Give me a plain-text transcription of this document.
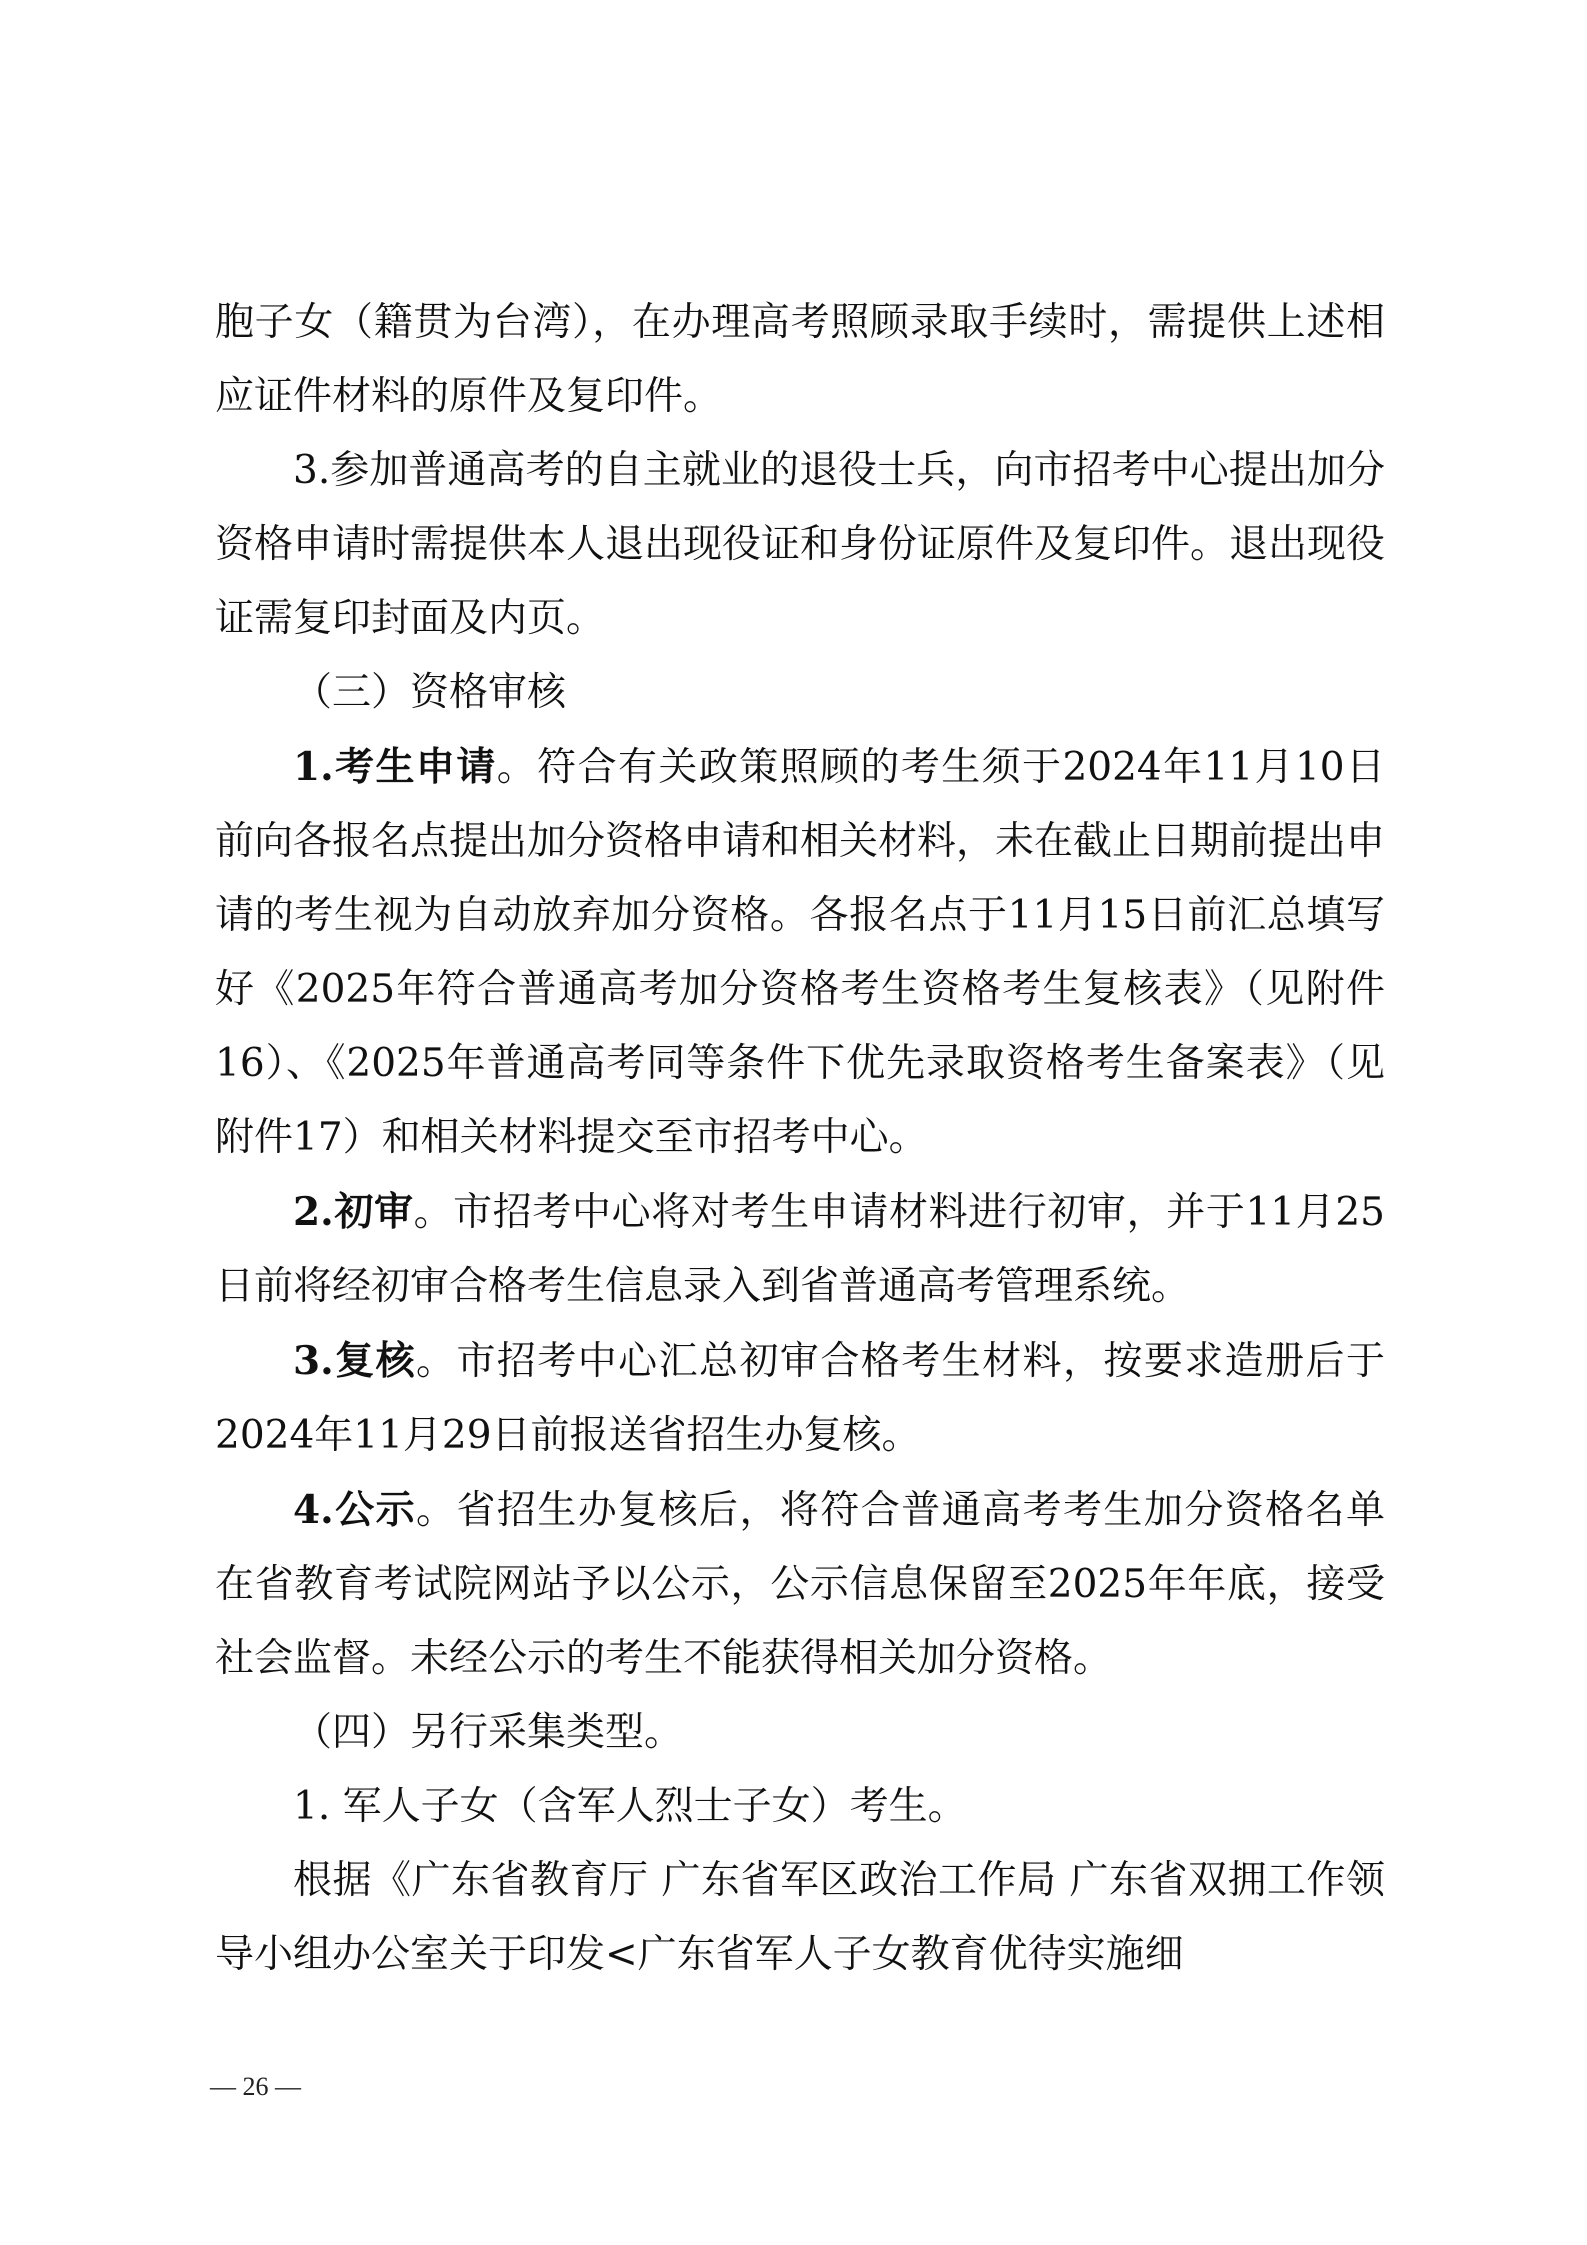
胞子女（籍贯为台湾），在办理高考照顾录取手续时，需提供上述相应证件材料的原件及复印件。

3.参加普通高考的自主就业的退役士兵，向市招考中心提出加分资格申请时需提供本人退出现役证和身份证原件及复印件。退出现役证需复印封面及内页。

（三）资格审核

1.考生申请。符合有关政策照顾的考生须于2024年11月10日前向各报名点提出加分资格申请和相关材料，未在截止日期前提出申请的考生视为自动放弃加分资格。各报名点于11月15日前汇总填写好《2025年符合普通高考加分资格考生资格考生复核表》（见附件16）、《2025年普通高考同等条件下优先录取资格考生备案表》（见附件17）和相关材料提交至市招考中心。

2.初审。市招考中心将对考生申请材料进行初审，并于11月25日前将经初审合格考生信息录入到省普通高考管理系统。

3.复核。市招考中心汇总初审合格考生材料，按要求造册后于2024年11月29日前报送省招生办复核。

4.公示。省招生办复核后，将符合普通高考考生加分资格名单在省教育考试院网站予以公示，公示信息保留至2025年年底，接受社会监督。未经公示的考生不能获得相关加分资格。

（四）另行采集类型。

1. 军人子女（含军人烈士子女）考生。

根据《广东省教育厅 广东省军区政治工作局 广东省双拥工作领导小组办公室关于印发<广东省军人子女教育优待实施细

— 26 —
